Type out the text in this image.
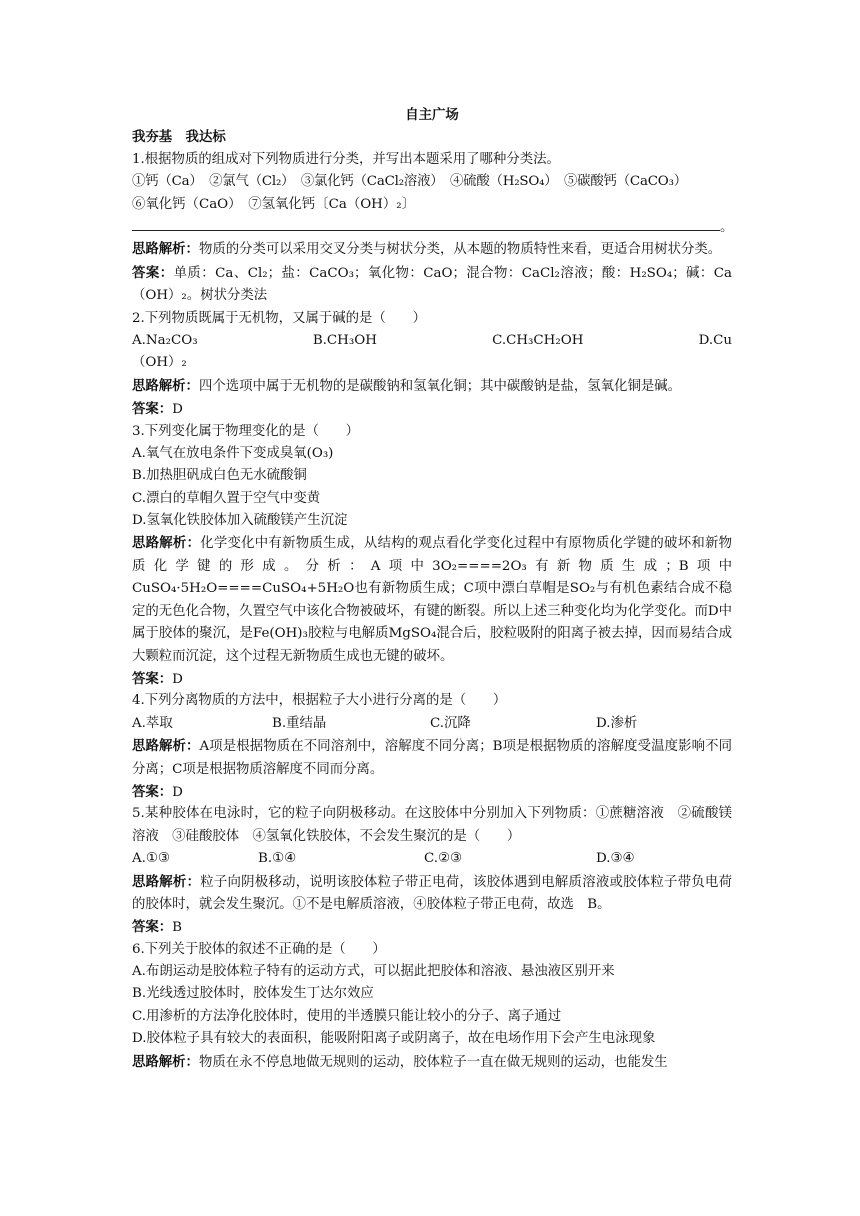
自主广场
我夯基　我达标
1.根据物质的组成对下列物质进行分类，并写出本题采用了哪种分类法。
①钙（Ca）　②氯气（Cl₂）　③氯化钙（CaCl₂溶液）　④硫酸（H₂SO₄）　⑤碳酸钙（CaCO₃）
⑥氧化钙（CaO）　⑦氢氧化钙〔Ca（OH）₂〕
。
思路解析：物质的分类可以采用交叉分类与树状分类，从本题的物质特性来看，更适合用树状分类。
答案：单质：Ca、Cl₂；盐：CaCO₃；氧化物：CaO；混合物：CaCl₂溶液；酸：H₂SO₄；碱：Ca（OH）₂。树状分类法
2.下列物质既属于无机物，又属于碱的是（　　）
A.Na₂CO₃	B.CH₃OH	C.CH₃CH₂OH	D.Cu
（OH）₂
思路解析：四个选项中属于无机物的是碳酸钠和氢氧化铜；其中碳酸钠是盐，氢氧化铜是碱。
答案：D
3.下列变化属于物理变化的是（　　）
A.氧气在放电条件下变成臭氧(O₃)
B.加热胆矾成白色无水硫酸铜
C.漂白的草帽久置于空气中变黄
D.氢氧化铁胶体加入硫酸镁产生沉淀
思路解析：化学变化中有新物质生成，从结构的观点看化学变化过程中有原物质化学键的破坏和新物质化学键的形成。分析：A项中3O₂====2O₃有新物质生成；B项中CuSO₄·5H₂O====CuSO₄+5H₂O也有新物质生成；C项中漂白草帽是SO₂与有机色素结合成不稳定的无色化合物，久置空气中该化合物被破坏，有键的断裂。所以上述三种变化均为化学变化。而D中属于胶体的聚沉，是Fe(OH)₃胶粒与电解质MgSO₄混合后，胶粒吸附的阳离子被去掉，因而易结合成大颗粒而沉淀，这个过程无新物质生成也无键的破坏。
答案：D
4.下列分离物质的方法中，根据粒子大小进行分离的是（　　）
A.萃取	B.重结晶	C.沉降	D.渗析
思路解析：A项是根据物质在不同溶剂中，溶解度不同分离；B项是根据物质的溶解度受温度影响不同分离；C项是根据物质溶解度不同而分离。
答案：D
5.某种胶体在电泳时，它的粒子向阴极移动。在这胶体中分别加入下列物质：①蔗糖溶液　②硫酸镁溶液　③硅酸胶体　④氢氧化铁胶体，不会发生聚沉的是（　　）
A.①③	B.①④	C.②③	D.③④
思路解析：粒子向阴极移动，说明该胶体粒子带正电荷，该胶体遇到电解质溶液或胶体粒子带负电荷的胶体时，就会发生聚沉。①不是电解质溶液，④胶体粒子带正电荷，故选　B。
答案：B
6.下列关于胶体的叙述不正确的是（　　）
A.布朗运动是胶体粒子特有的运动方式，可以据此把胶体和溶液、悬浊液区别开来
B.光线透过胶体时，胶体发生丁达尔效应
C.用渗析的方法净化胶体时，使用的半透膜只能让较小的分子、离子通过
D.胶体粒子具有较大的表面积，能吸附阳离子或阴离子，故在电场作用下会产生电泳现象
思路解析：物质在永不停息地做无规则的运动，胶体粒子一直在做无规则的运动，也能发生
